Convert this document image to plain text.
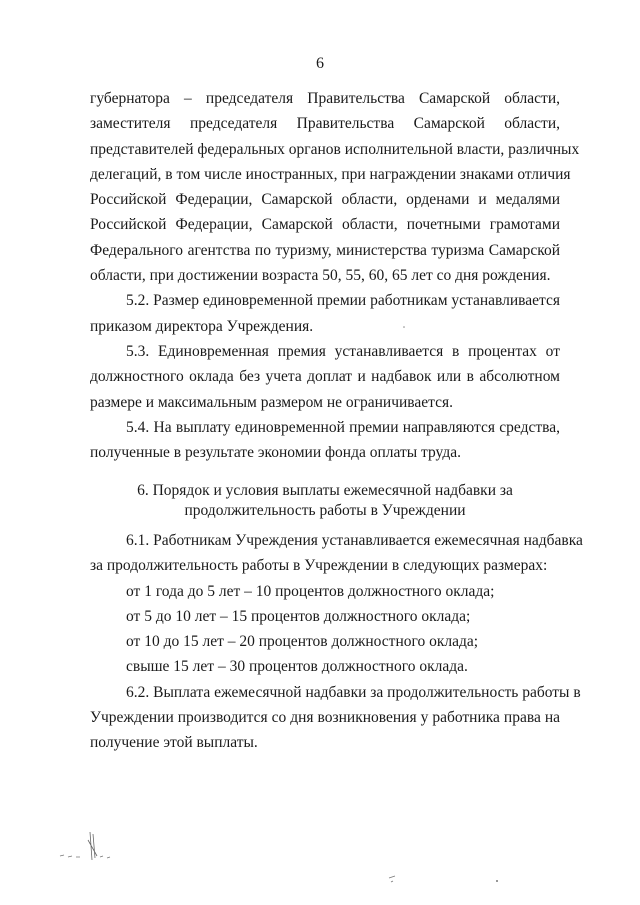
6
губернатора – председателя Правительства Самарской области,
заместителя председателя Правительства Самарской области,
представителей федеральных органов исполнительной власти, различных
делегаций, в том числе иностранных, при награждении знаками отличия
Российской Федерации, Самарской области, орденами и медалями
Российской Федерации, Самарской области, почетными грамотами
Федерального агентства по туризму, министерства туризма Самарской
области, при достижении возраста 50, 55, 60, 65 лет со дня рождения.
5.2. Размер единовременной премии работникам устанавливается
приказом директора Учреждения.
5.3. Единовременная премия устанавливается в процентах от
должностного оклада без учета доплат и надбавок или в абсолютном
размере и максимальным размером не ограничивается.
5.4. На выплату единовременной премии направляются средства,
полученные в результате экономии фонда оплаты труда.
6. Порядок и условия выплаты ежемесячной надбавки за
продолжительность работы в Учреждении
6.1. Работникам Учреждения устанавливается ежемесячная надбавка
за продолжительность работы в Учреждении в следующих размерах:
от 1 года до 5 лет – 10 процентов должностного оклада;
от 5 до 10 лет – 15 процентов должностного оклада;
от 10 до 15 лет – 20 процентов должностного оклада;
свыше 15 лет – 30 процентов должностного оклада.
6.2. Выплата ежемесячной надбавки за продолжительность работы в
Учреждении производится со дня возникновения у работника права на
получение этой выплаты.
